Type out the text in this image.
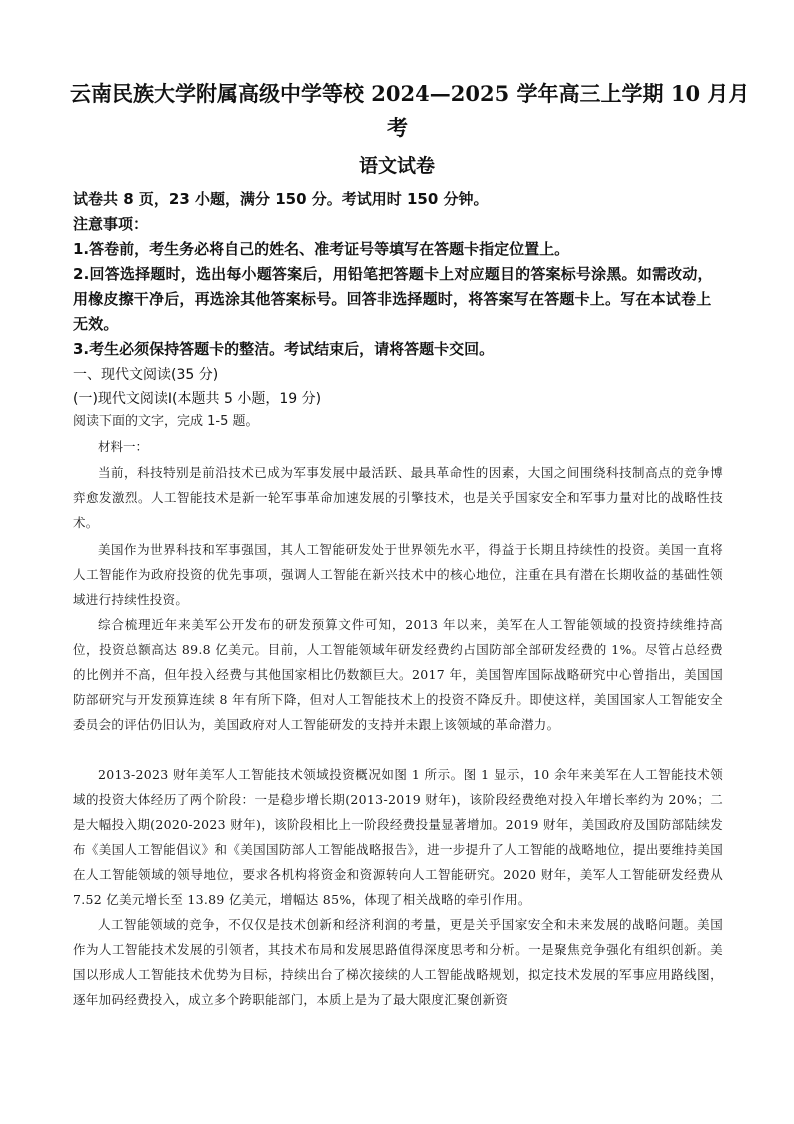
云南民族大学附属高级中学等校 2024—2025 学年高三上学期 10 月月
考
语文试卷
试卷共 8 页，23 小题，满分 150 分。考试用时 150 分钟。
注意事项：
1.答卷前，考生务必将自己的姓名、准考证号等填写在答题卡指定位置上。
2.回答选择题时，选出每小题答案后，用铅笔把答题卡上对应题目的答案标号涂黑。如需改动，用橡皮擦干净后，再选涂其他答案标号。回答非选择题时，将答案写在答题卡上。写在本试卷上无效。
3.考生必须保持答题卡的整洁。考试结束后，请将答题卡交回。
一、现代文阅读(35 分)
(一)现代文阅读Ⅰ(本题共 5 小题，19 分)
阅读下面的文字，完成 1-5 题。
材料一：
当前，科技特别是前沿技术已成为军事发展中最活跃、最具革命性的因素，大国之间围绕科技制高点的竞争博弈愈发激烈。人工智能技术是新一轮军事革命加速发展的引擎技术，也是关乎国家安全和军事力量对比的战略性技术。
美国作为世界科技和军事强国，其人工智能研发处于世界领先水平，得益于长期且持续性的投资。美国一直将人工智能作为政府投资的优先事项，强调人工智能在新兴技术中的核心地位，注重在具有潜在长期收益的基础性领域进行持续性投资。
综合梳理近年来美军公开发布的研发预算文件可知，2013 年以来，美军在人工智能领域的投资持续维持高位，投资总额高达 89.8 亿美元。目前，人工智能领域年研发经费约占国防部全部研发经费的 1%。尽管占总经费的比例并不高，但年投入经费与其他国家相比仍数额巨大。2017 年，美国智库国际战略研究中心曾指出，美国国防部研究与开发预算连续 8 年有所下降，但对人工智能技术上的投资不降反升。即使这样，美国国家人工智能安全委员会的评估仍旧认为，美国政府对人工智能研发的支持并未跟上该领域的革命潜力。
2013-2023 财年美军人工智能技术领域投资概况如图 1 所示。图 1 显示，10 余年来美军在人工智能技术领域的投资大体经历了两个阶段：一是稳步增长期(2013-2019 财年)，该阶段经费绝对投入年增长率约为 20%；二是大幅投入期(2020-2023 财年)，该阶段相比上一阶段经费投量显著增加。2019 财年，美国政府及国防部陆续发布《美国人工智能倡议》和《美国国防部人工智能战略报告》，进一步提升了人工智能的战略地位，提出要维持美国在人工智能领域的领导地位，要求各机构将资金和资源转向人工智能研究。2020 财年，美军人工智能研发经费从 7.52 亿美元增长至 13.89 亿美元，增幅达 85%，体现了相关战略的牵引作用。
人工智能领域的竞争，不仅仅是技术创新和经济利润的考量，更是关乎国家安全和未来发展的战略问题。美国作为人工智能技术发展的引领者，其技术布局和发展思路值得深度思考和分析。一是聚焦竞争强化有组织创新。美国以形成人工智能技术优势为目标，持续出台了梯次接续的人工智能战略规划，拟定技术发展的军事应用路线图，逐年加码经费投入，成立多个跨职能部门，本质上是为了最大限度汇聚创新资
